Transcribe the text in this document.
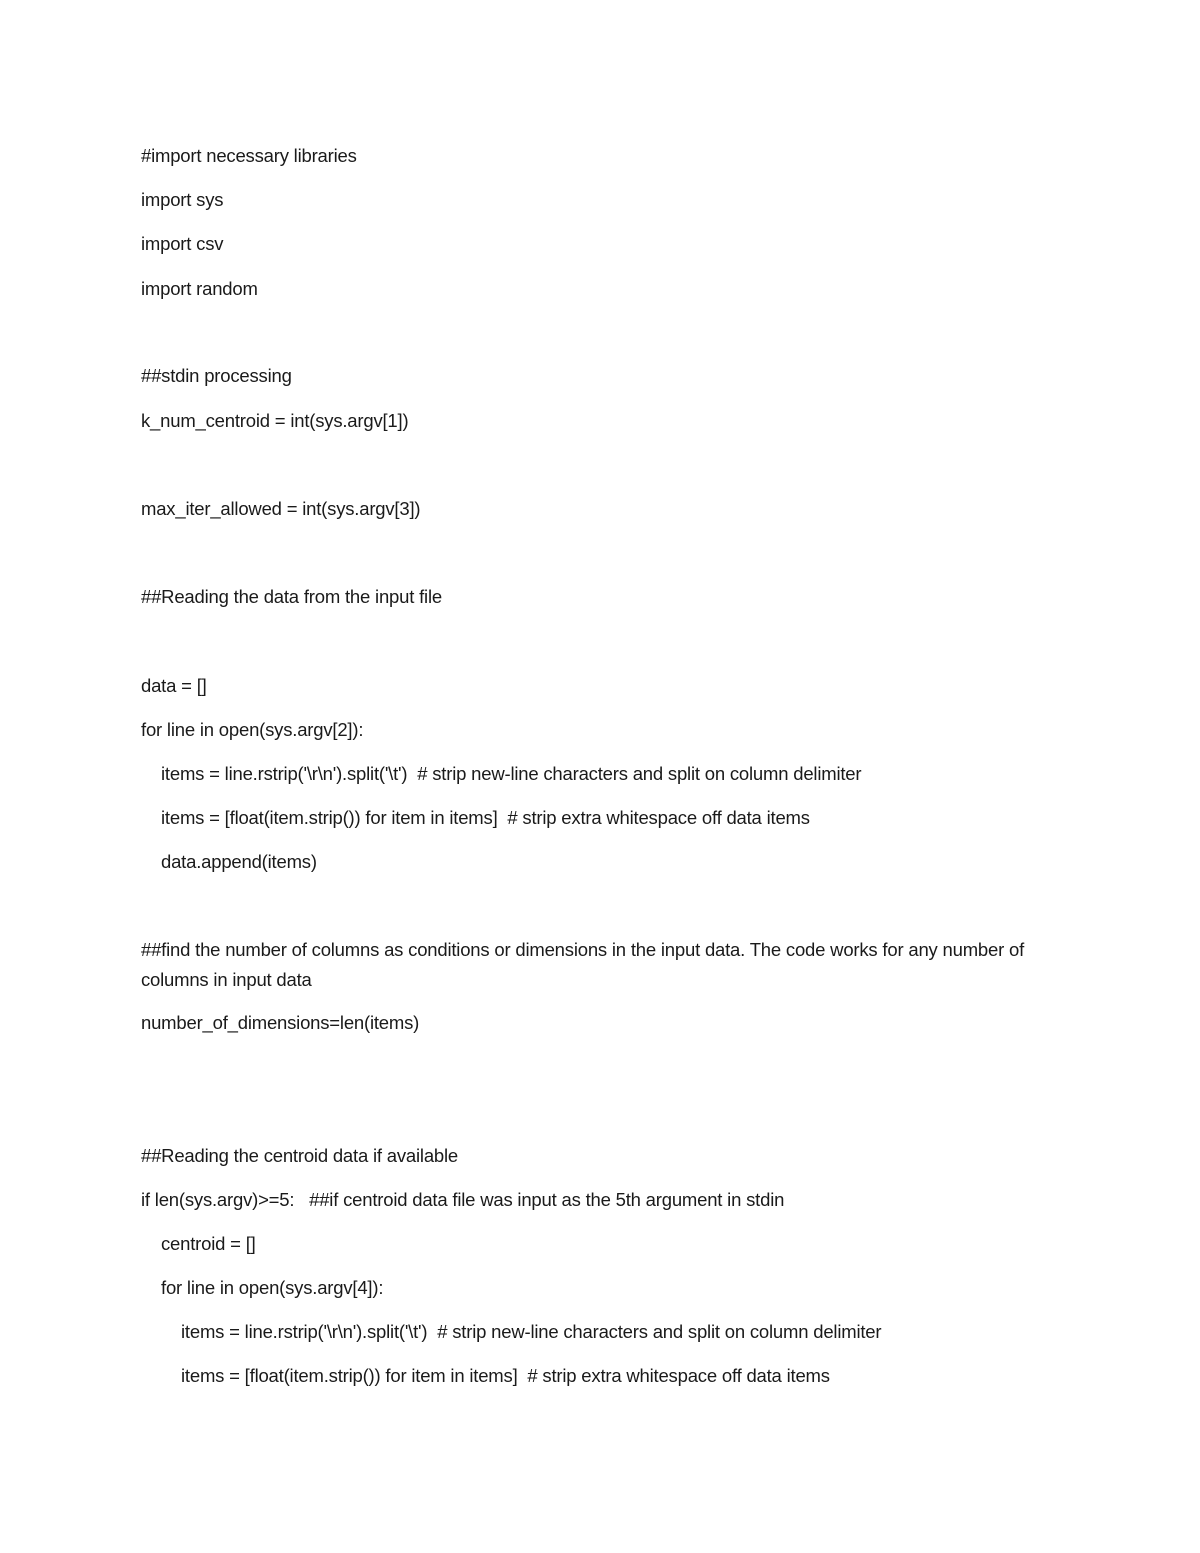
#import necessary libraries
import sys
import csv
import random
##stdin processing
k_num_centroid = int(sys.argv[1])
max_iter_allowed = int(sys.argv[3])
##Reading the data from the input file
data = []
for line in open(sys.argv[2]):
items = line.rstrip('\r\n').split('\t')  # strip new-line characters and split on column delimiter
items = [float(item.strip()) for item in items]  # strip extra whitespace off data items
data.append(items)
##find the number of columns as conditions or dimensions in the input data. The code works for any number of columns in input data
number_of_dimensions=len(items)
##Reading the centroid data if available
if len(sys.argv)>=5:   ##if centroid data file was input as the 5th argument in stdin
centroid = []
for line in open(sys.argv[4]):
items = line.rstrip('\r\n').split('\t')  # strip new-line characters and split on column delimiter
items = [float(item.strip()) for item in items]  # strip extra whitespace off data items
